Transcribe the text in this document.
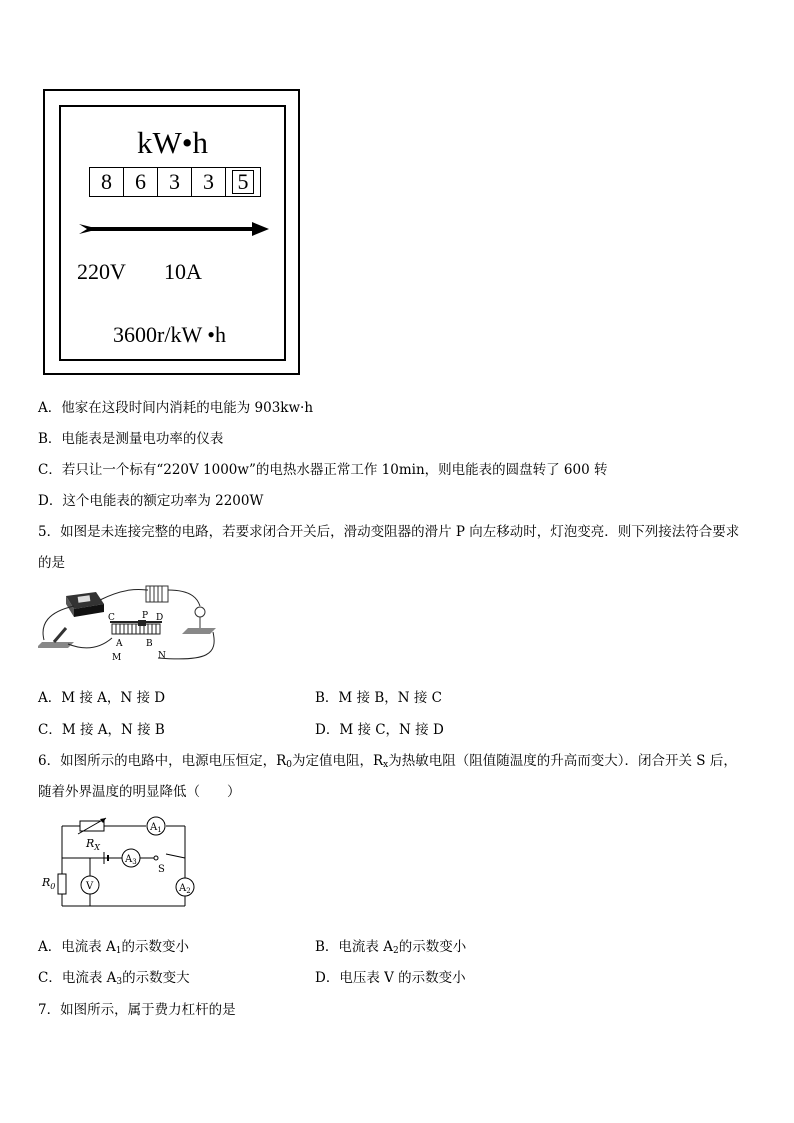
kW•h
8	6	3	3	5
220V 10A
3600r/kW •h
A．他家在这段时间内消耗的电能为 903kw·h
B．电能表是测量电功率的仪表
C．若只让一个标有“220V 1000w”的电热水器正常工作 10min，则电能表的圆盘转了 600 转
D．这个电能表的额定功率为 2200W
5．如图是未连接完整的电路，若要求闭合开关后，滑动变阻器的滑片 P 向左移动时，灯泡变亮．则下列接法符合要求
的是
C	P D
A	B
M	N
A．M 接 A，N 接 D	B．M 接 B，N 接 C
C．M 接 A，N 接 B	D．M 接 C，N 接 D
6．如图所示的电路中，电源电压恒定，$R_0$为定值电阻，$R_x$为热敏电阻（阻值随温度的升高而变大）．闭合开关 S 后，
随着外界温度的明显降低（　　）
$R_X$
$A_1$
$A_3$
S
$R_0$	V	$A_2$
A．电流表 $A_1$的示数变小	B．电流表 $A_2$的示数变小
C．电流表 $A_3$的示数变大	D．电压表 V 的示数变小
7．如图所示，属于费力杠杆的是
